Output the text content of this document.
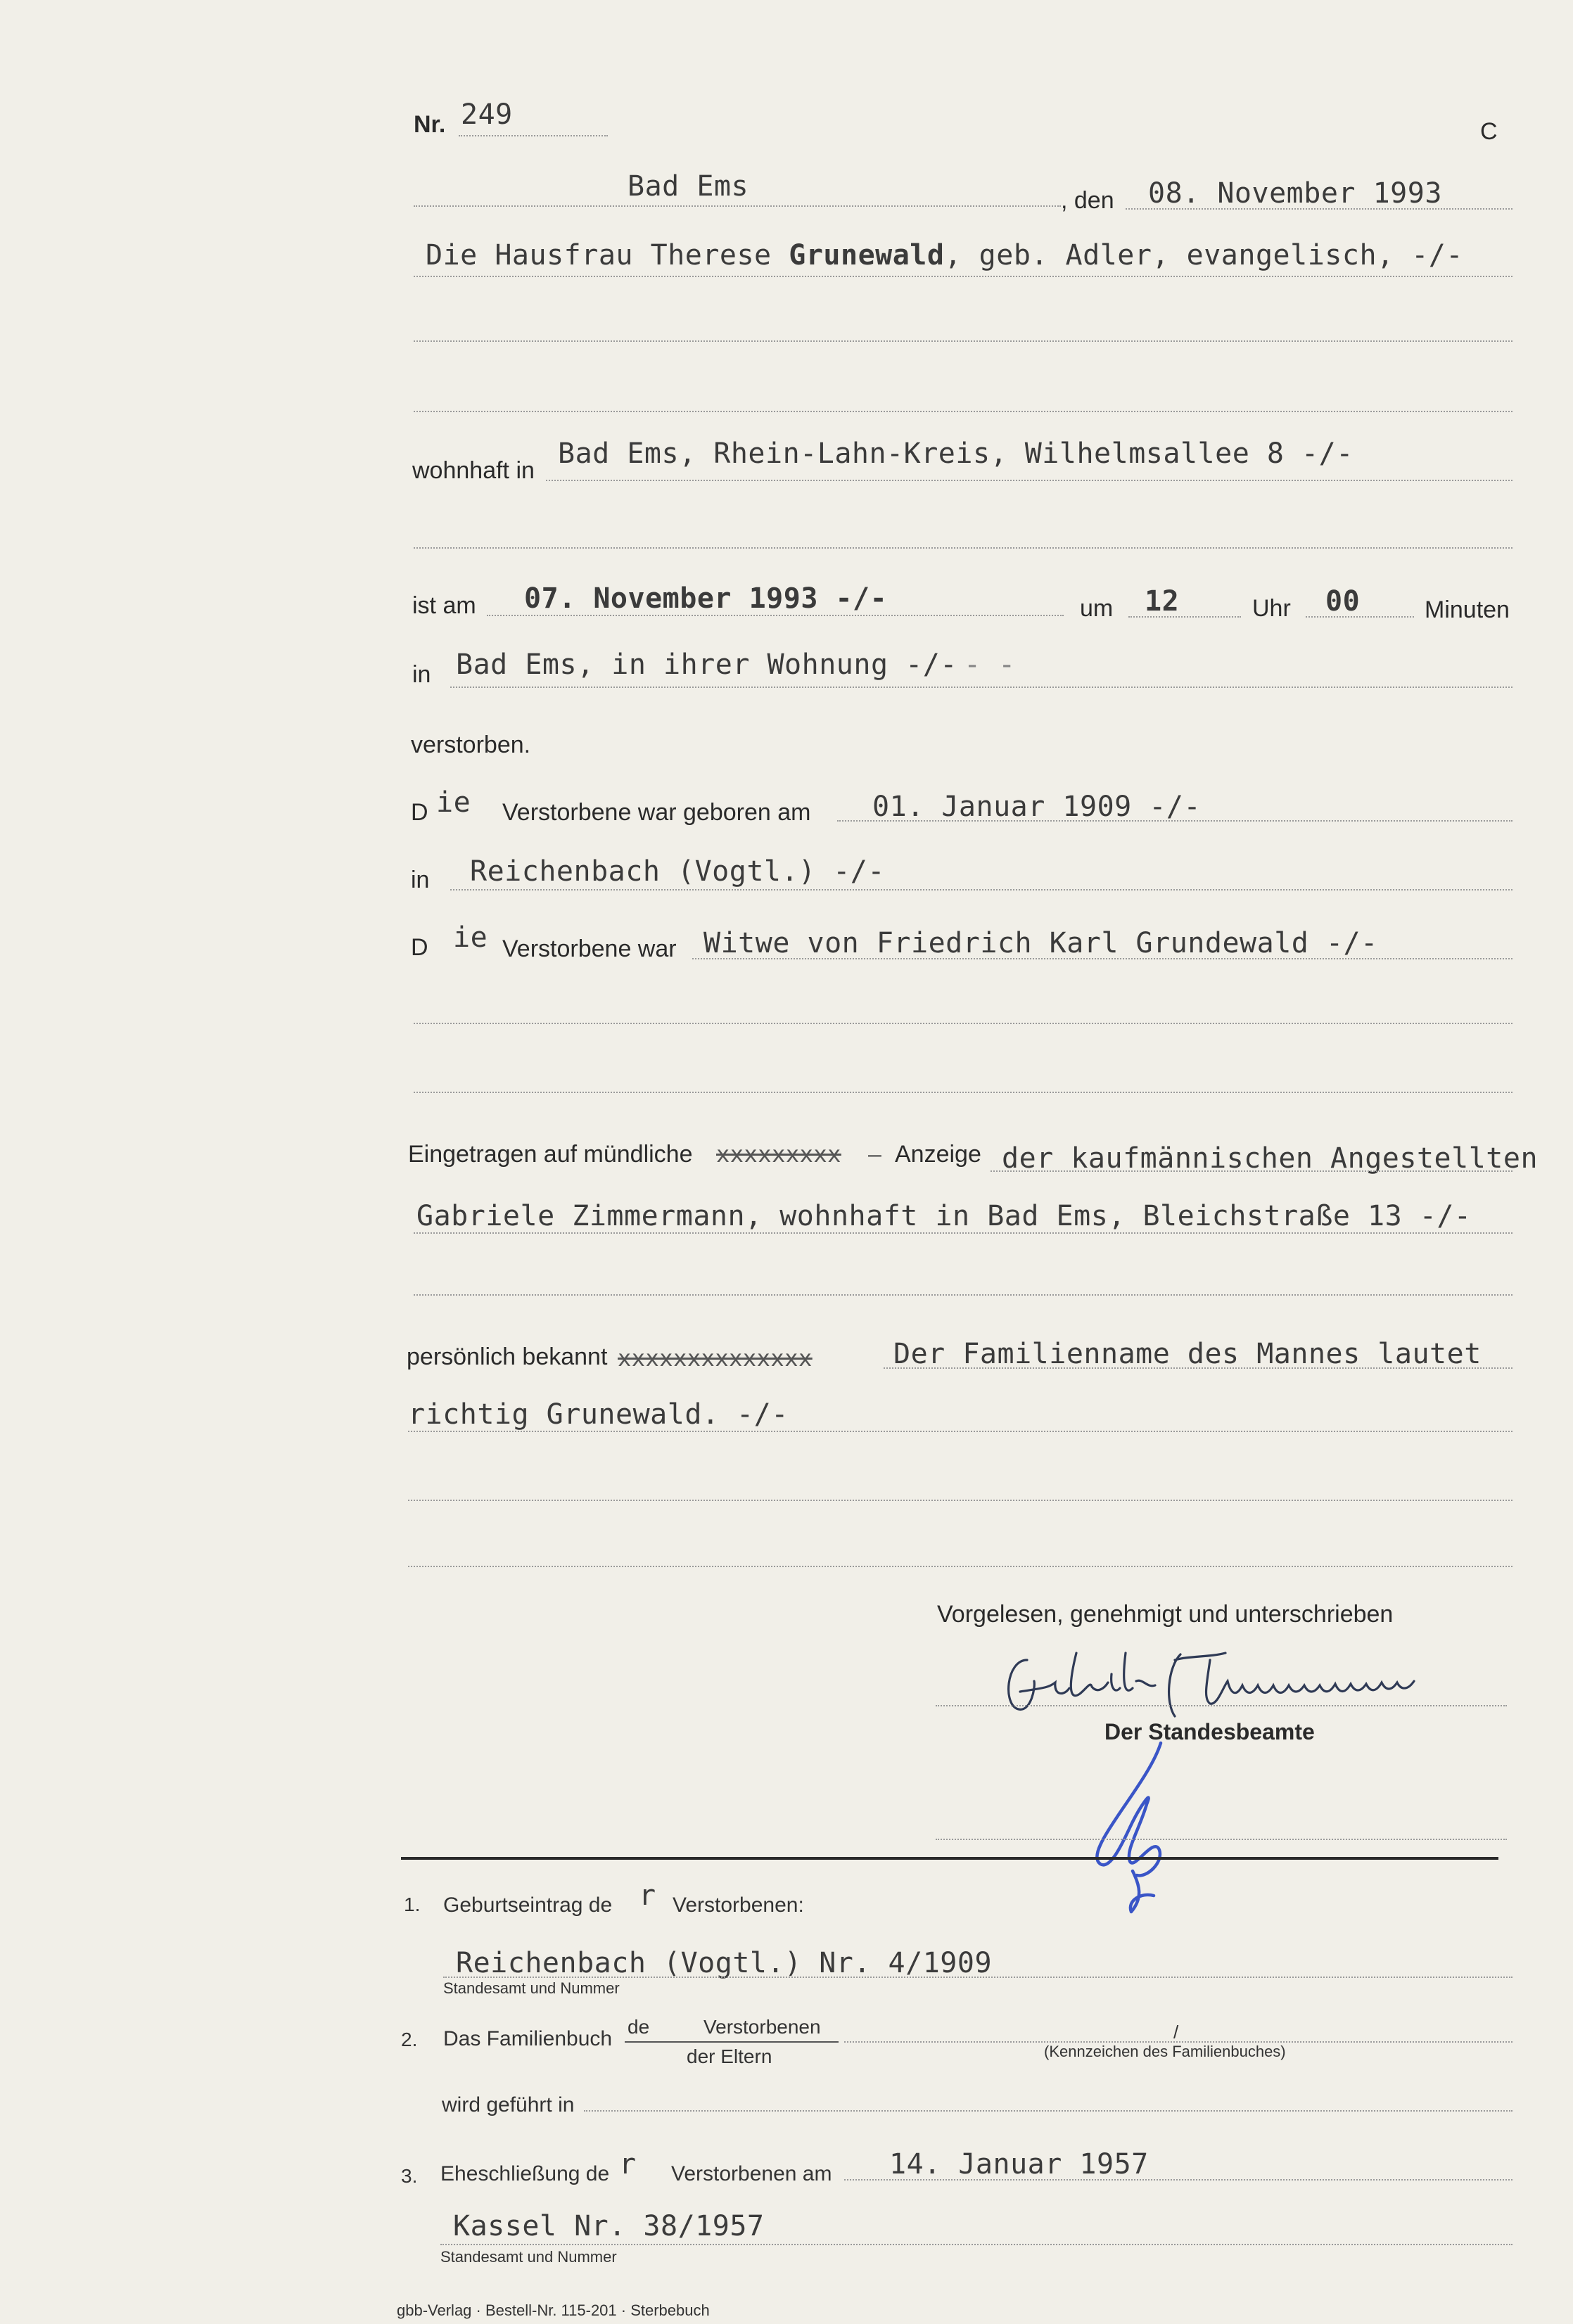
Nr. 249
C
Bad Ems	, den 08. November 1993
Die Hausfrau Therese Grunewald, geb. Adler, evangelisch, -/-
wohnhaft in
Bad Ems, Rhein-Lahn-Kreis, Wilhelmsallee 8 -/-
ist am 07. November 1993 -/-	um 12	Uhr 00	Minuten
in Bad Ems, in ihrer Wohnung -/- - -
verstorben.
D ie Verstorbene war geboren am 01. Januar 1909 -/-
in Reichenbach (Vogtl.) -/-
D ie Verstorbene war Witwe von Friedrich Karl Grundewald -/-
Eingetragen auf mündliche xxxxxxxxx – Anzeige der kaufmännischen Angestellten
Gabriele Zimmermann, wohnhaft in Bad Ems, Bleichstraße 13 -/-
persönlich bekannt xxxxxxxxxxxxxx	Der Familienname des Mannes lautet
richtig Grunewald. -/-
Vorgelesen, genehmigt und unterschrieben
Der Standesbeamte
1. Geburtseintrag de r Verstorbenen:
Reichenbach (Vogtl.) Nr. 4/1909
Standesamt und Nummer
2. Das Familienbuch
de	Verstorbenen
der Eltern
/
(Kennzeichen des Familienbuches)
wird geführt in
3. Eheschließung de r Verstorbenen am 14. Januar 1957
Kassel Nr. 38/1957
Standesamt und Nummer
gbb-Verlag · Bestell-Nr. 115-201 · Sterbebuch
